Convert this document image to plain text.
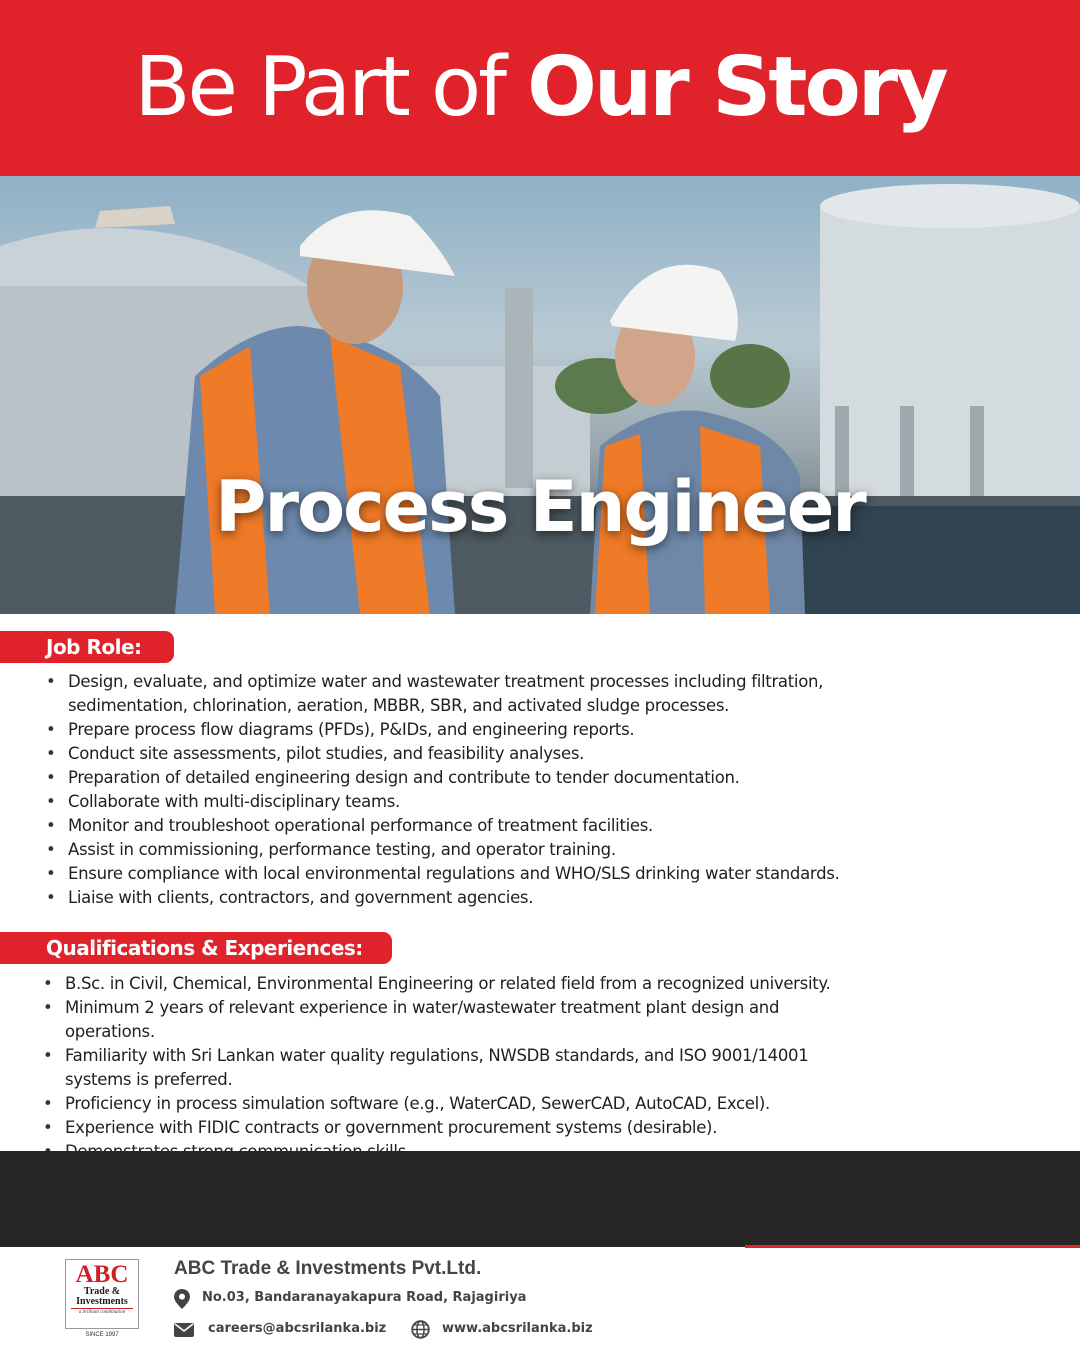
Be Part of Our Story
Process Engineer
Job Role:
• Design, evaluate, and optimize water and wastewater treatment processes including filtration, sedimentation, chlorination, aeration, MBBR, SBR, and activated sludge processes.
• Prepare process flow diagrams (PFDs), P&IDs, and engineering reports.
• Conduct site assessments, pilot studies, and feasibility analyses.
• Preparation of detailed engineering design and contribute to tender documentation.
• Collaborate with multi-disciplinary teams.
• Monitor and troubleshoot operational performance of treatment facilities.
• Assist in commissioning, performance testing, and operator training.
• Ensure compliance with local environmental regulations and WHO/SLS drinking water standards.
• Liaise with clients, contractors, and government agencies.
Qualifications & Experiences:
• B.Sc. in Civil, Chemical, Environmental Engineering or related field from a recognized university.
• Minimum 2 years of relevant experience in water/wastewater treatment plant design and operations.
• Familiarity with Sri Lankan water quality regulations, NWSDB standards, and ISO 9001/14001 systems is preferred.
• Proficiency in process simulation software (e.g., WaterCAD, SewerCAD, AutoCAD, Excel).
• Experience with FIDIC contracts or government procurement systems (desirable).
•
ABC
Trade &
Investments
a brilliant combination
SINCE 1997
ABC Trade & Investments Pvt.Ltd.
No.03, Bandaranayakapura Road, Rajagiriya
careers@abcsrilanka.biz	www.abcsrilanka.biz
